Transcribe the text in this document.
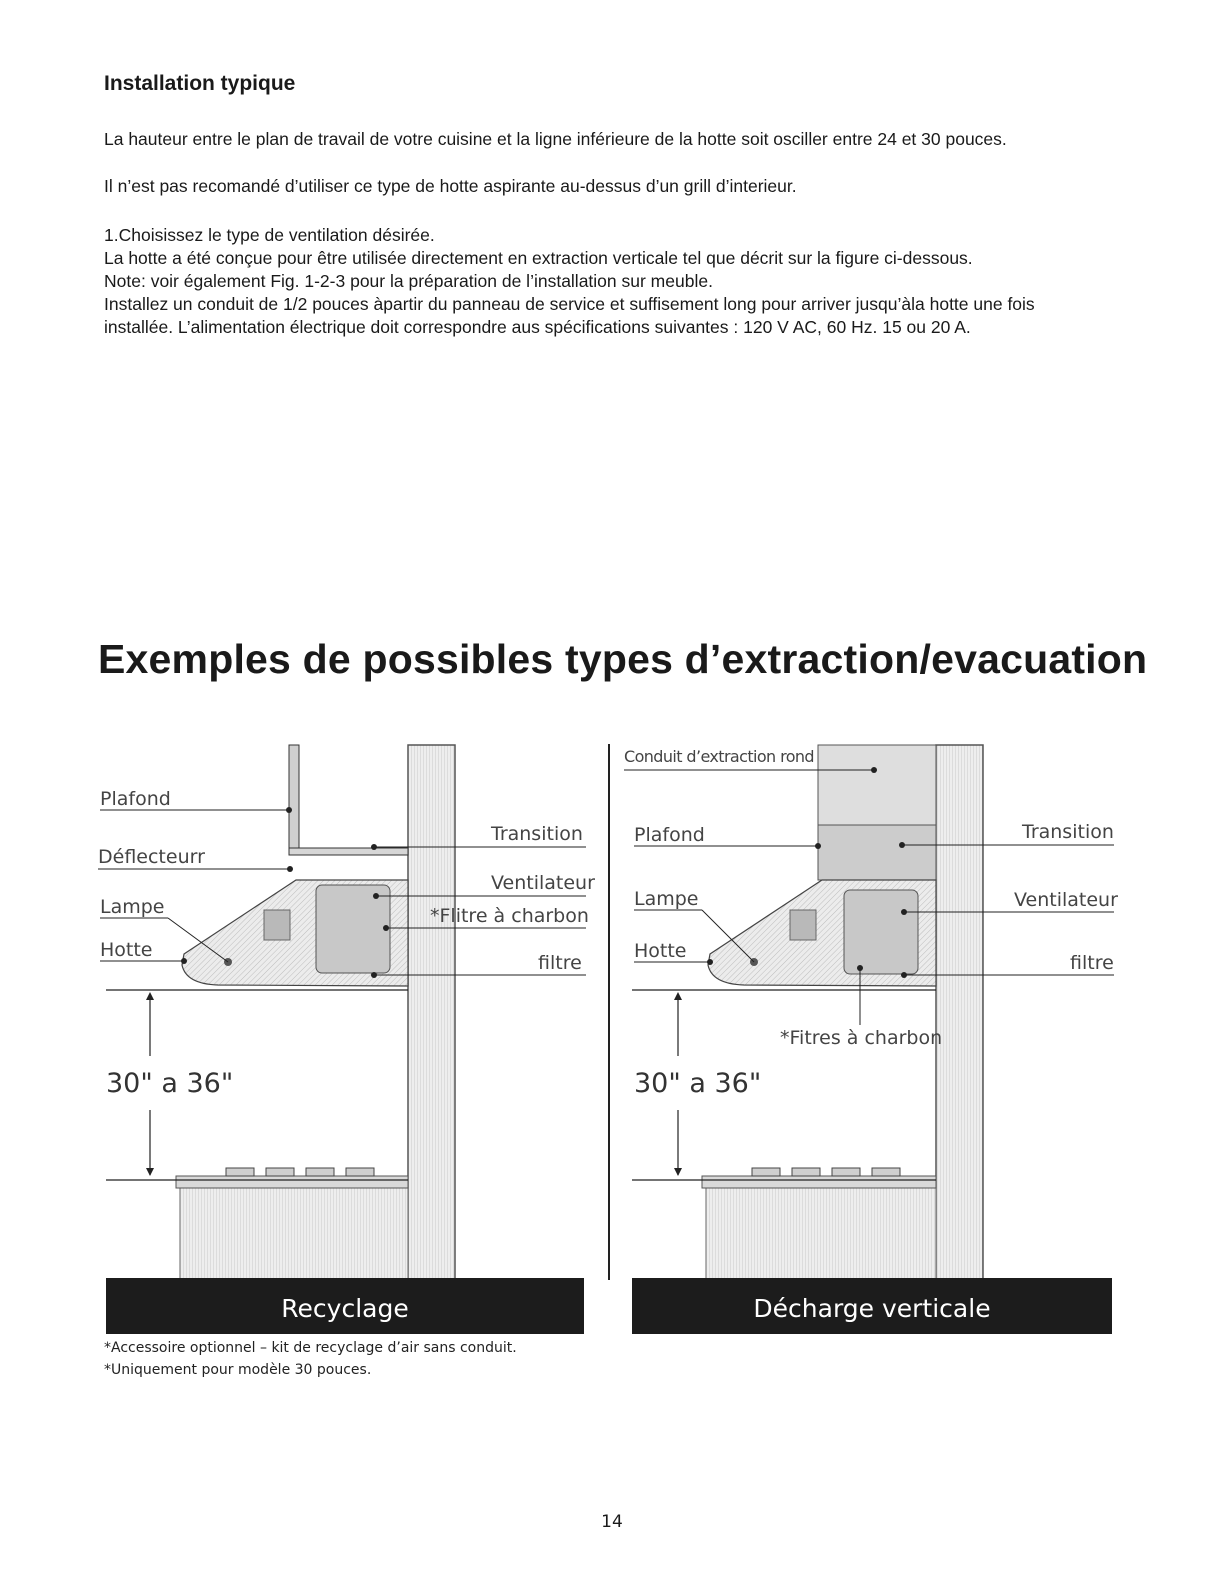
Installation typique

La hauteur entre le plan de travail de votre cuisine et la ligne inférieure de la hotte soit osciller entre 24 et 30 pouces.

Il n’est pas recomandé d’utiliser ce type de hotte aspirante au-dessus d’un grill d’interieur.

1.Choisissez le type de ventilation désirée.

La hotte a été conçue pour être utilisée directement en extraction verticale tel que décrit sur la figure ci-dessous.

Note: voir également Fig. 1-2-3 pour la préparation de l’installation sur meuble.

Installez un conduit de 1/2 pouces àpartir du panneau de service et suffisement long pour arriver jusqu’àla hotte une fois installée. L’alimentation électrique doit correspondre aus spécifications suivantes : 120 V AC, 60 Hz. 15 ou 20 A.

Exemples de possibles types d’extraction/evacuation
30" a 36"
Plafond
Déflecteurr
Lampe
Hotte
Transition
Ventilateur
*Flitre à charbon
filtre
Recyclage
30" a 36"
Conduit d’extraction rond
Plafond
Lampe
Hotte
Transition
Ventilateur
filtre
*Fitres à charbon
Décharge verticale

*Accessoire optionnel – kit de recyclage d’air sans conduit.

*Uniquement pour modèle 30 pouces.

14
